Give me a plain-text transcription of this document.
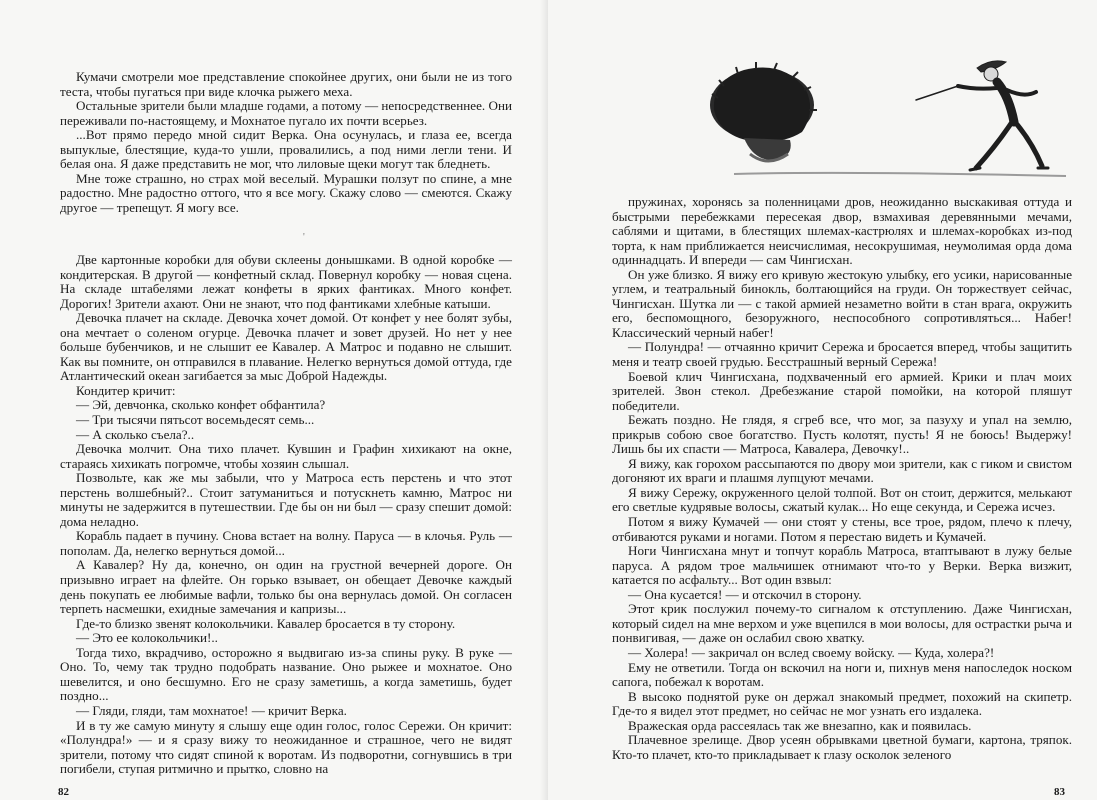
Кумачи смотрели мое представление спокойнее других, они были не из того теста, чтобы пугаться при виде клочка рыжего меха.

Остальные зрители были младше годами, а потому — непосредственнее. Они переживали по-настоящему, и Мохнатое пугало их почти всерьез.

...Вот прямо передо мной сидит Верка. Она осунулась, и глаза ее, всегда выпуклые, блестящие, куда-то ушли, провалились, а под ними легли тени. И белая она. Я даже представить не мог, что лиловые щеки могут так бледнеть.

Мне тоже страшно, но страх мой веселый. Мурашки ползут по спине, а мне радостно. Мне радостно оттого, что я все могу. Скажу слово — смеются. Скажу другое — трепещут. Я могу все.

'

Две картонные коробки для обуви склеены донышками. В одной коробке — кондитерская. В другой — конфетный склад. Повернул коробку — новая сцена. На складе штабелями лежат конфеты в ярких фантиках. Много конфет. Дорогих! Зрители ахают. Они не знают, что под фантиками хлебные катыши.

Девочка плачет на складе. Девочка хочет домой. От конфет у нее болят зубы, она мечтает о соленом огурце. Девочка плачет и зовет друзей. Но нет у нее больше бубенчиков, и не слышит ее Кавалер. А Матрос и подавно не слышит. Как вы помните, он отправился в плавание. Нелегко вернуться домой оттуда, где Атлантический океан загибается за мыс Доброй Надежды.

Кондитер кричит:

— Эй, девчонка, сколько конфет обфантила?

— Три тысячи пятьсот восемьдесят семь...

— А сколько съела?..

Девочка молчит. Она тихо плачет. Кувшин и Графин хихикают на окне, стараясь хихикать погромче, чтобы хозяин слышал.

Позвольте, как же мы забыли, что у Матроса есть перстень и что этот перстень волшебный?.. Стоит затуманиться и потускнеть камню, Матрос ни минуты не задержится в путешествии. Где бы он ни был — сразу спешит домой: дома неладно.

Корабль падает в пучину. Снова встает на волну. Паруса — в клочья. Руль — пополам. Да, нелегко вернуться домой...

А Кавалер? Ну да, конечно, он один на грустной вечерней дороге. Он призывно играет на флейте. Он горько взывает, он обещает Девочке каждый день покупать ее любимые вафли, только бы она вернулась домой. Он согласен терпеть насмешки, ехидные замечания и капризы...

Где-то близко звенят колокольчики. Кавалер бросается в ту сторону.

— Это ее колокольчики!..

Тогда тихо, вкрадчиво, осторожно я выдвигаю из-за спины руку. В руке — Оно. То, чему так трудно подобрать название. Оно рыжее и мохнатое. Оно шевелится, и оно бесшумно. Его не сразу заметишь, а когда заметишь, будет поздно...

— Гляди, гляди, там мохнатое! — кричит Верка.

И в ту же самую минуту я слышу еще один голос, голос Сережи. Он кричит: «Полундра!» — и я сразу вижу то неожиданное и страшное, чего не видят зрители, потому что сидят спиной к воротам. Из подворотни, согнувшись в три погибели, ступая ритмично и прытко, словно на

82

пружинах, хоронясь за поленницами дров, неожиданно выскакивая оттуда и быстрыми перебежками пересекая двор, взмахивая деревянными мечами, саблями и щитами, в блестящих шлемах-кастрюлях и шлемах-коробках из-под торта, к нам приближается неисчислимая, несокрушимая, неумолимая орда дома одиннадцать. И впереди — сам Чингисхан.

Он уже близко. Я вижу его кривую жестокую улыбку, его усики, нарисованные углем, и театральный бинокль, болтающийся на груди. Он торжествует сейчас, Чингисхан. Шутка ли — с такой армией незаметно войти в стан врага, окружить его, беспомощного, безоружного, неспособного сопротивляться... Набег! Классический черный набег!

— Полундра! — отчаянно кричит Сережа и бросается вперед, чтобы защитить меня и театр своей грудью. Бесстрашный верный Сережа!

Боевой клич Чингисхана, подхваченный его армией. Крики и плач моих зрителей. Звон стекол. Дребезжание старой помойки, на которой пляшут победители.

Бежать поздно. Не глядя, я сгреб все, что мог, за пазуху и упал на землю, прикрыв собою свое богатство. Пусть колотят, пусть! Я не боюсь! Выдержу! Лишь бы их спасти — Матроса, Кавалера, Девочку!..

Я вижу, как горохом рассыпаются по двору мои зрители, как с гиком и свистом догоняют их враги и плашмя лупцуют мечами.

Я вижу Сережу, окруженного целой толпой. Вот он стоит, держится, мелькают его светлые кудрявые волосы, сжатый кулак... Но еще секунда, и Сережа исчез.

Потом я вижу Кумачей — они стоят у стены, все трое, рядом, плечо к плечу, отбиваются руками и ногами. Потом я перестаю видеть и Кумачей.

Ноги Чингисхана мнут и топчут корабль Матроса, втаптывают в лужу белые паруса. А рядом трое мальчишек отнимают что-то у Верки. Верка визжит, катается по асфальту... Вот один взвыл:

— Она кусается! — и отскочил в сторону.

Этот крик послужил почему-то сигналом к отступлению. Даже Чингисхан, который сидел на мне верхом и уже вцепился в мои волосы, для острастки рыча и понвигивая, — даже он ослабил свою хватку.

— Холера! — закричал он вслед своему войску. — Куда, холера?!

Ему не ответили. Тогда он вскочил на ноги и, пихнув меня напоследок носком сапога, побежал к воротам.

В высоко поднятой руке он держал знакомый предмет, похожий на скипетр. Где-то я видел этот предмет, но сейчас не мог узнать его издалека.

Вражеская орда рассеялась так же внезапно, как и появилась.

Плачевное зрелище. Двор усеян обрывками цветной бумаги, картона, тряпок. Кто-то плачет, кто-то прикладывает к глазу осколок зеленого

83
